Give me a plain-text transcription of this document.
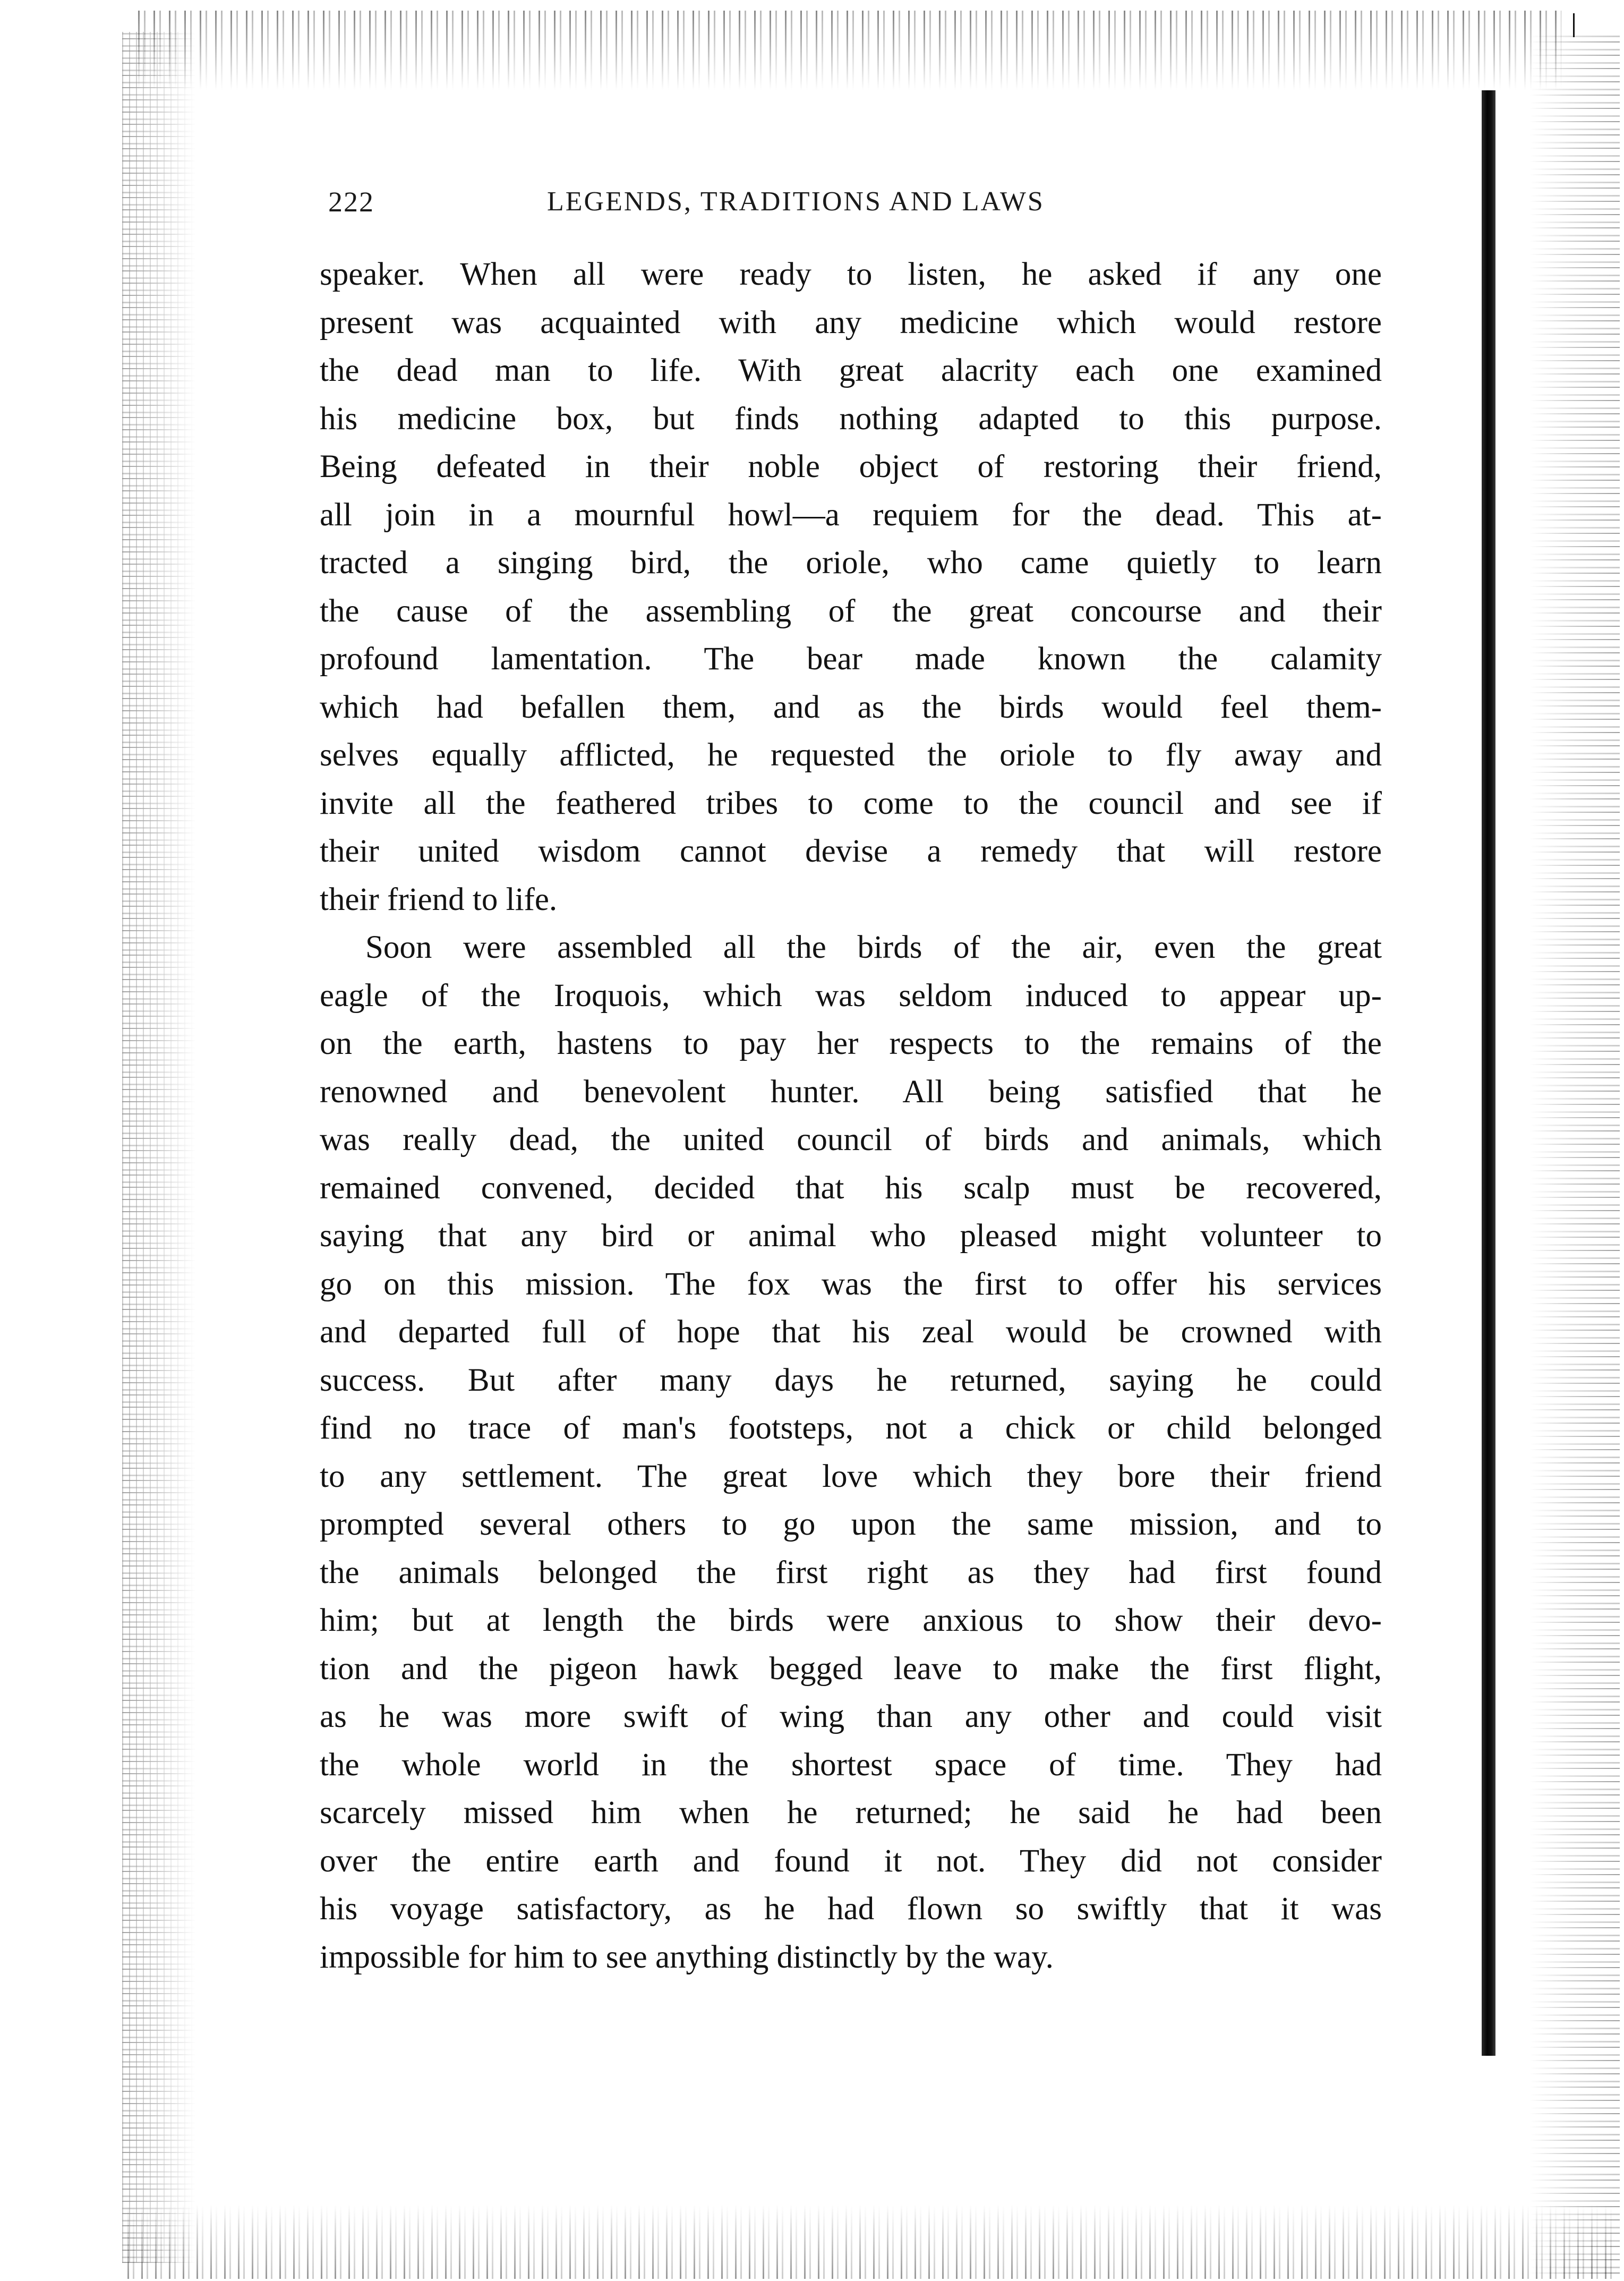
222	LEGENDS, TRADITIONS AND LAWS
speaker. When all were ready to listen, he asked if any one
present was acquainted with any medicine which would restore
the dead man to life. With great alacrity each one examined
his medicine box, but finds nothing adapted to this purpose.
Being defeated in their noble object of restoring their friend,
all join in a mournful howl—a requiem for the dead. This at-
tracted a singing bird, the oriole, who came quietly to learn
the cause of the assembling of the great concourse and their
profound lamentation. The bear made known the calamity
which had befallen them, and as the birds would feel them-
selves equally afflicted, he requested the oriole to fly away and
invite all the feathered tribes to come to the council and see if
their united wisdom cannot devise a remedy that will restore
their friend to life.
Soon were assembled all the birds of the air, even the great
eagle of the Iroquois, which was seldom induced to appear up-
on the earth, hastens to pay her respects to the remains of the
renowned and benevolent hunter. All being satisfied that he
was really dead, the united council of birds and animals, which
remained convened, decided that his scalp must be recovered,
saying that any bird or animal who pleased might volunteer to
go on this mission. The fox was the first to offer his services
and departed full of hope that his zeal would be crowned with
success. But after many days he returned, saying he could
find no trace of man's footsteps, not a chick or child belonged
to any settlement. The great love which they bore their friend
prompted several others to go upon the same mission, and to
the animals belonged the first right as they had first found
him; but at length the birds were anxious to show their devo-
tion and the pigeon hawk begged leave to make the first flight,
as he was more swift of wing than any other and could visit
the whole world in the shortest space of time. They had
scarcely missed him when he returned; he said he had been
over the entire earth and found it not. They did not consider
his voyage satisfactory, as he had flown so swiftly that it was
impossible for him to see anything distinctly by the way.
